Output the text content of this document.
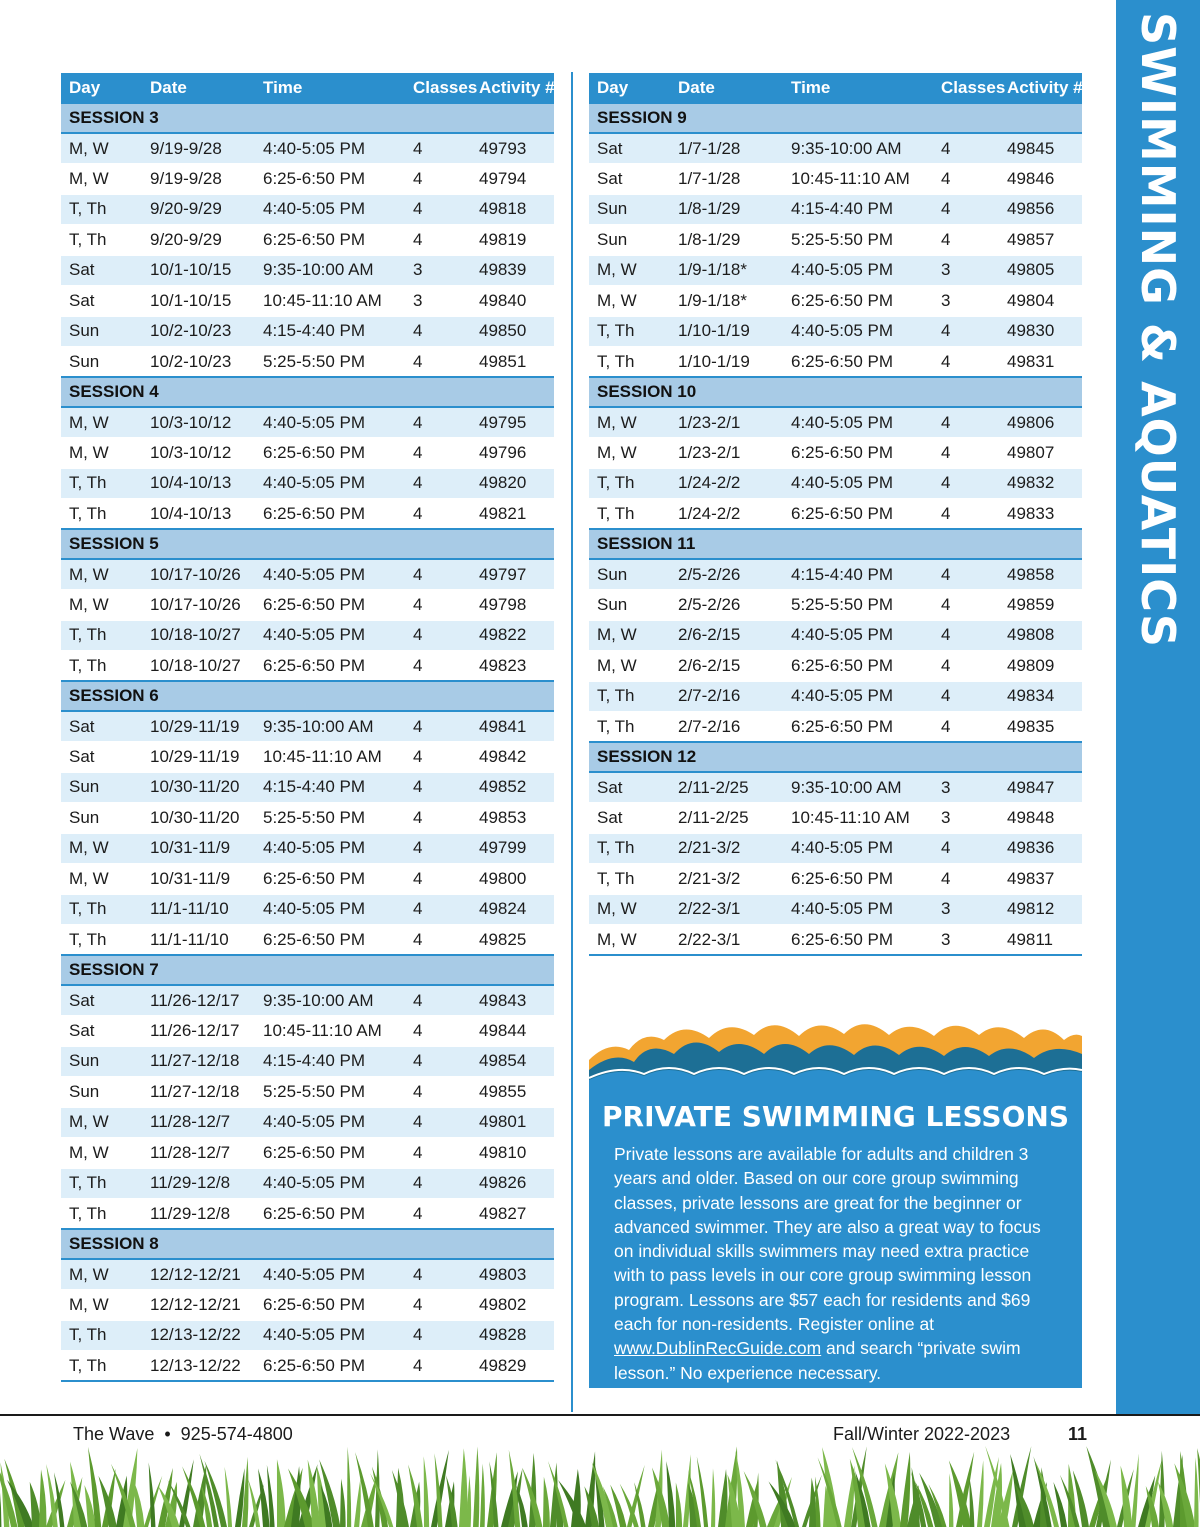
SWIMMING & AQUATICS
Day	Date	Time	Classes	Activity #
SESSION 3				
M, W	9/19-9/28	4:40-5:05 PM	4	49793
M, W	9/19-9/28	6:25-6:50 PM	4	49794
T, Th	9/20-9/29	4:40-5:05 PM	4	49818
T, Th	9/20-9/29	6:25-6:50 PM	4	49819
Sat	10/1-10/15	9:35-10:00 AM	3	49839
Sat	10/1-10/15	10:45-11:10 AM	3	49840
Sun	10/2-10/23	4:15-4:40 PM	4	49850
Sun	10/2-10/23	5:25-5:50 PM	4	49851
SESSION 4				
M, W	10/3-10/12	4:40-5:05 PM	4	49795
M, W	10/3-10/12	6:25-6:50 PM	4	49796
T, Th	10/4-10/13	4:40-5:05 PM	4	49820
T, Th	10/4-10/13	6:25-6:50 PM	4	49821
SESSION 5				
M, W	10/17-10/26	4:40-5:05 PM	4	49797
M, W	10/17-10/26	6:25-6:50 PM	4	49798
T, Th	10/18-10/27	4:40-5:05 PM	4	49822
T, Th	10/18-10/27	6:25-6:50 PM	4	49823
SESSION 6				
Sat	10/29-11/19	9:35-10:00 AM	4	49841
Sat	10/29-11/19	10:45-11:10 AM	4	49842
Sun	10/30-11/20	4:15-4:40 PM	4	49852
Sun	10/30-11/20	5:25-5:50 PM	4	49853
M, W	10/31-11/9	4:40-5:05 PM	4	49799
M, W	10/31-11/9	6:25-6:50 PM	4	49800
T, Th	11/1-11/10	4:40-5:05 PM	4	49824
T, Th	11/1-11/10	6:25-6:50 PM	4	49825
SESSION 7				
Sat	11/26-12/17	9:35-10:00 AM	4	49843
Sat	11/26-12/17	10:45-11:10 AM	4	49844
Sun	11/27-12/18	4:15-4:40 PM	4	49854
Sun	11/27-12/18	5:25-5:50 PM	4	49855
M, W	11/28-12/7	4:40-5:05 PM	4	49801
M, W	11/28-12/7	6:25-6:50 PM	4	49810
T, Th	11/29-12/8	4:40-5:05 PM	4	49826
T, Th	11/29-12/8	6:25-6:50 PM	4	49827
SESSION 8				
M, W	12/12-12/21	4:40-5:05 PM	4	49803
M, W	12/12-12/21	6:25-6:50 PM	4	49802
T, Th	12/13-12/22	4:40-5:05 PM	4	49828
T, Th	12/13-12/22	6:25-6:50 PM	4	49829
Day	Date	Time	Classes	Activity #
SESSION 9				
Sat	1/7-1/28	9:35-10:00 AM	4	49845
Sat	1/7-1/28	10:45-11:10 AM	4	49846
Sun	1/8-1/29	4:15-4:40 PM	4	49856
Sun	1/8-1/29	5:25-5:50 PM	4	49857
M, W	1/9-1/18*	4:40-5:05 PM	3	49805
M, W	1/9-1/18*	6:25-6:50 PM	3	49804
T, Th	1/10-1/19	4:40-5:05 PM	4	49830
T, Th	1/10-1/19	6:25-6:50 PM	4	49831
SESSION 10				
M, W	1/23-2/1	4:40-5:05 PM	4	49806
M, W	1/23-2/1	6:25-6:50 PM	4	49807
T, Th	1/24-2/2	4:40-5:05 PM	4	49832
T, Th	1/24-2/2	6:25-6:50 PM	4	49833
SESSION 11				
Sun	2/5-2/26	4:15-4:40 PM	4	49858
Sun	2/5-2/26	5:25-5:50 PM	4	49859
M, W	2/6-2/15	4:40-5:05 PM	4	49808
M, W	2/6-2/15	6:25-6:50 PM	4	49809
T, Th	2/7-2/16	4:40-5:05 PM	4	49834
T, Th	2/7-2/16	6:25-6:50 PM	4	49835
SESSION 12				
Sat	2/11-2/25	9:35-10:00 AM	3	49847
Sat	2/11-2/25	10:45-11:10 AM	3	49848
T, Th	2/21-3/2	4:40-5:05 PM	4	49836
T, Th	2/21-3/2	6:25-6:50 PM	4	49837
M, W	2/22-3/1	4:40-5:05 PM	3	49812
M, W	2/22-3/1	6:25-6:50 PM	3	49811
PRIVATE SWIMMING LESSONS
Private lessons are available for adults and children 3 years and older. Based on our core group swimming classes, private lessons are great for the beginner or advanced swimmer. They are also a great way to focus on individual skills swimmers may need extra practice with to pass levels in our core group swimming lesson program. Lessons are $57 each for residents and $69 each for non-residents. Register online at www.DublinRecGuide.com and search “private swim lesson.” No experience necessary.
The Wave  •  925-574-4800	Fall/Winter 2022-2023	11
